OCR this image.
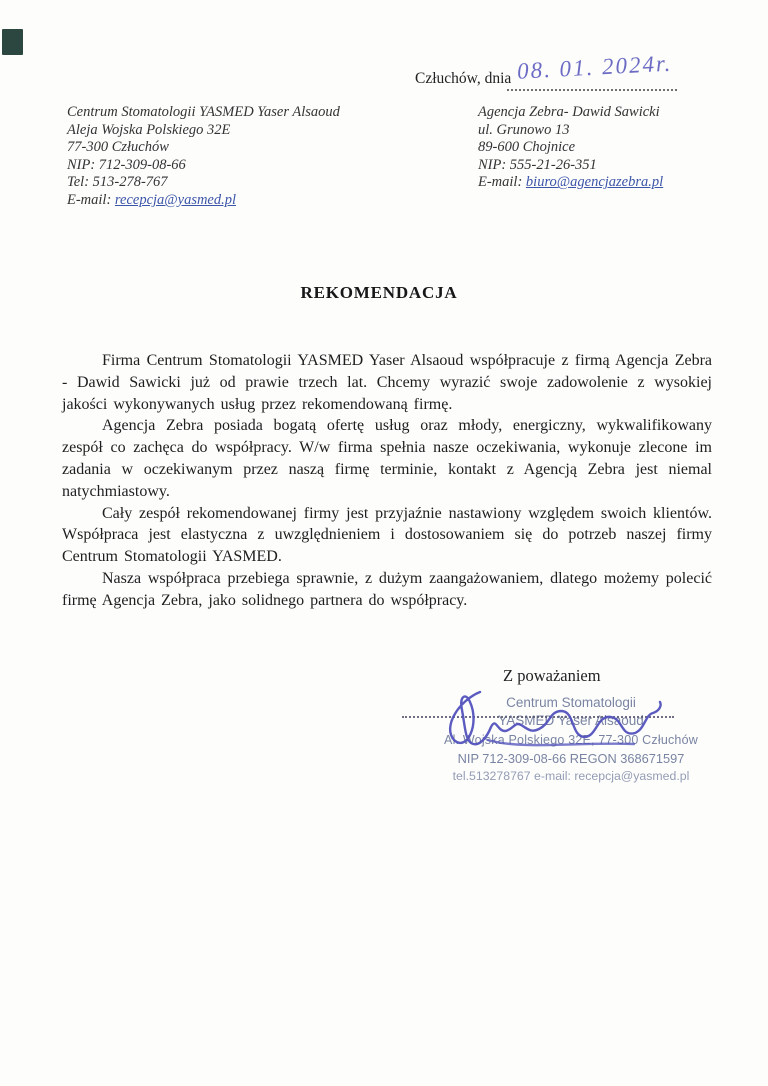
Człuchów, dnia 08. 01. 2024r.
Centrum Stomatologii YASMED Yaser Alsaoud
Aleja Wojska Polskiego 32E
77-300 Człuchów
NIP: 712-309-08-66
Tel: 513-278-767
E-mail: recepcja@yasmed.pl
Agencja Zebra- Dawid Sawicki
ul. Grunowo 13
89-600 Chojnice
NIP: 555-21-26-351
E-mail: biuro@agencjazebra.pl
REKOMENDACJA

Firma Centrum Stomatologii YASMED Yaser Alsaoud współpracuje z firmą Agencja Zebra - Dawid Sawicki już od prawie trzech lat. Chcemy wyrazić swoje zadowolenie z wysokiej jakości wykonywanych usług przez rekomendowaną firmę.

Agencja Zebra posiada bogatą ofertę usług oraz młody, energiczny, wykwalifikowany zespół co zachęca do współpracy. W/w firma spełnia nasze oczekiwania, wykonuje zlecone im zadania w oczekiwanym przez naszą firmę terminie, kontakt z Agencją Zebra jest niemal natychmiastowy.

Cały zespół rekomendowanej firmy jest przyjaźnie nastawiony względem swoich klientów. Współpraca jest elastyczna z uwzględnieniem i dostosowaniem się do potrzeb naszej firmy Centrum Stomatologii YASMED.

Nasza współpraca przebiega sprawnie, z dużym zaangażowaniem, dlatego możemy polecić firmę Agencja Zebra, jako solidnego partnera do współpracy.

Z poważaniem
Centrum Stomatologii
YASMED Yaser Alsaoud
Al. Wojska Polskiego 32E, 77-300 Człuchów
NIP 712-309-08-66 REGON 368671597
tel.513278767 e-mail: recepcja@yasmed.pl
